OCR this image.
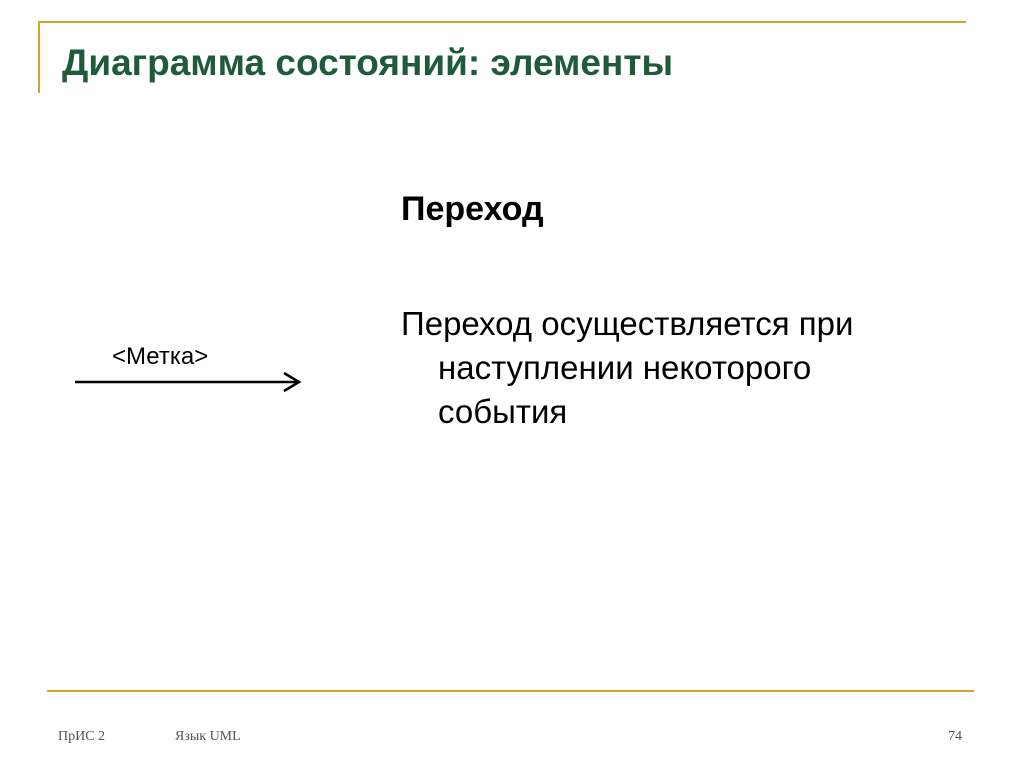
Диаграмма состояний: элементы
Переход
Переход осуществляется при
наступлении некоторого
события
<Метка>
ПрИС 2	Язык UML	74
